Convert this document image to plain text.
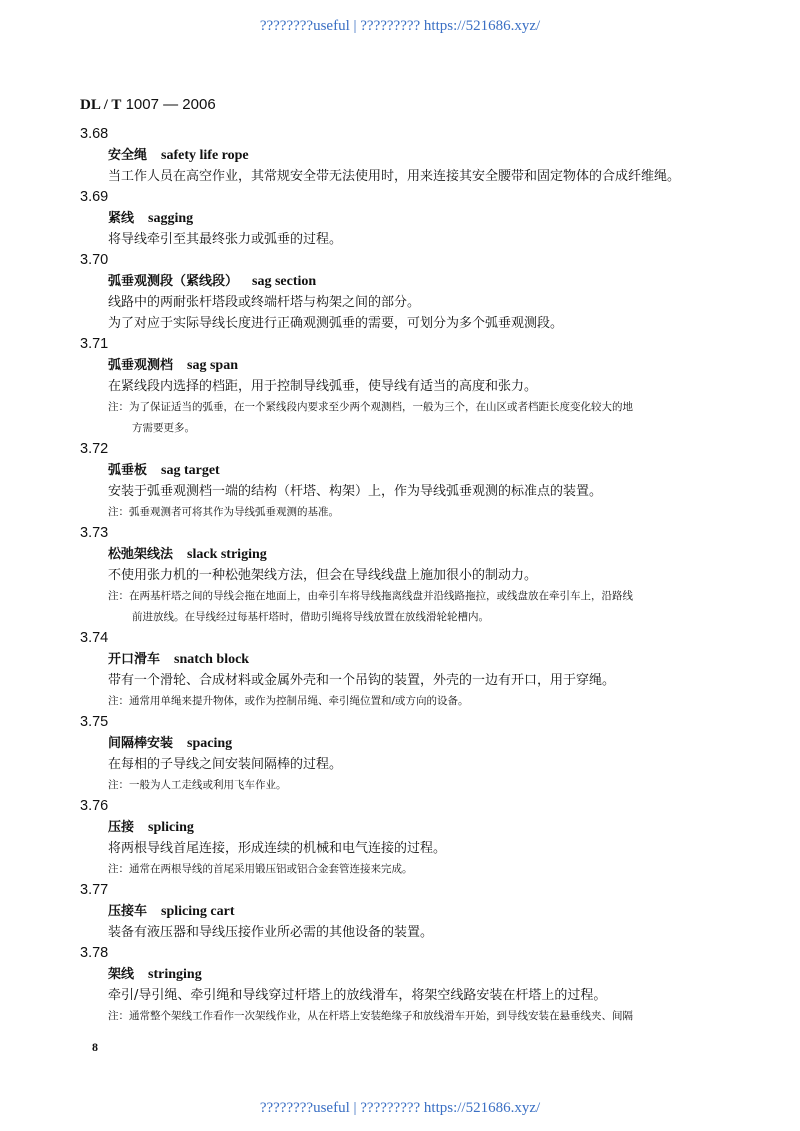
????????useful | ????????? https://521686.xyz/
DL / T 1007 — 2006
3.68
安全绳 safety life rope
当工作人员在高空作业，其常规安全带无法使用时，用来连接其安全腰带和固定物体的合成纤维绳。
3.69
紧线 sagging
将导线牵引至其最终张力或弧垂的过程。
3.70
弧垂观测段（紧线段） sag section
线路中的两耐张杆塔段或终端杆塔与构架之间的部分。
为了对应于实际导线长度进行正确观测弧垂的需要，可划分为多个弧垂观测段。
3.71
弧垂观测档 sag span
在紧线段内选择的档距，用于控制导线弧垂，使导线有适当的高度和张力。
注：为了保证适当的弧垂，在一个紧线段内要求至少两个观测档，一般为三个，在山区或者档距长度变化较大的地
方需要更多。
3.72
弧垂板 sag target
安装于弧垂观测档一端的结构（杆塔、构架）上，作为导线弧垂观测的标准点的装置。
注：弧垂观测者可将其作为导线弧垂观测的基准。
3.73
松弛架线法 slack striging
不使用张力机的一种松弛架线方法，但会在导线线盘上施加很小的制动力。
注：在两基杆塔之间的导线会拖在地面上，由牵引车将导线拖离线盘并沿线路拖拉，或线盘放在牵引车上，沿路线
前进放线。在导线经过每基杆塔时，借助引绳将导线放置在放线滑轮轮槽内。
3.74
开口滑车 snatch block
带有一个滑轮、合成材料或金属外壳和一个吊钩的装置，外壳的一边有开口，用于穿绳。
注：通常用单绳来提升物体，或作为控制吊绳、牵引绳位置和/或方向的设备。
3.75
间隔棒安装 spacing
在每相的子导线之间安装间隔棒的过程。
注：一般为人工走线或利用飞车作业。
3.76
压接 splicing
将两根导线首尾连接，形成连续的机械和电气连接的过程。
注：通常在两根导线的首尾采用锻压铝或铝合金套管连接来完成。
3.77
压接车 splicing cart
装备有液压器和导线压接作业所必需的其他设备的装置。
3.78
架线 stringing
牵引/导引绳、牵引绳和导线穿过杆塔上的放线滑车，将架空线路安装在杆塔上的过程。
注：通常整个架线工作看作一次架线作业，从在杆塔上安装绝缘子和放线滑车开始，到导线安装在悬垂线夹、间隔
8
????????useful | ????????? https://521686.xyz/
